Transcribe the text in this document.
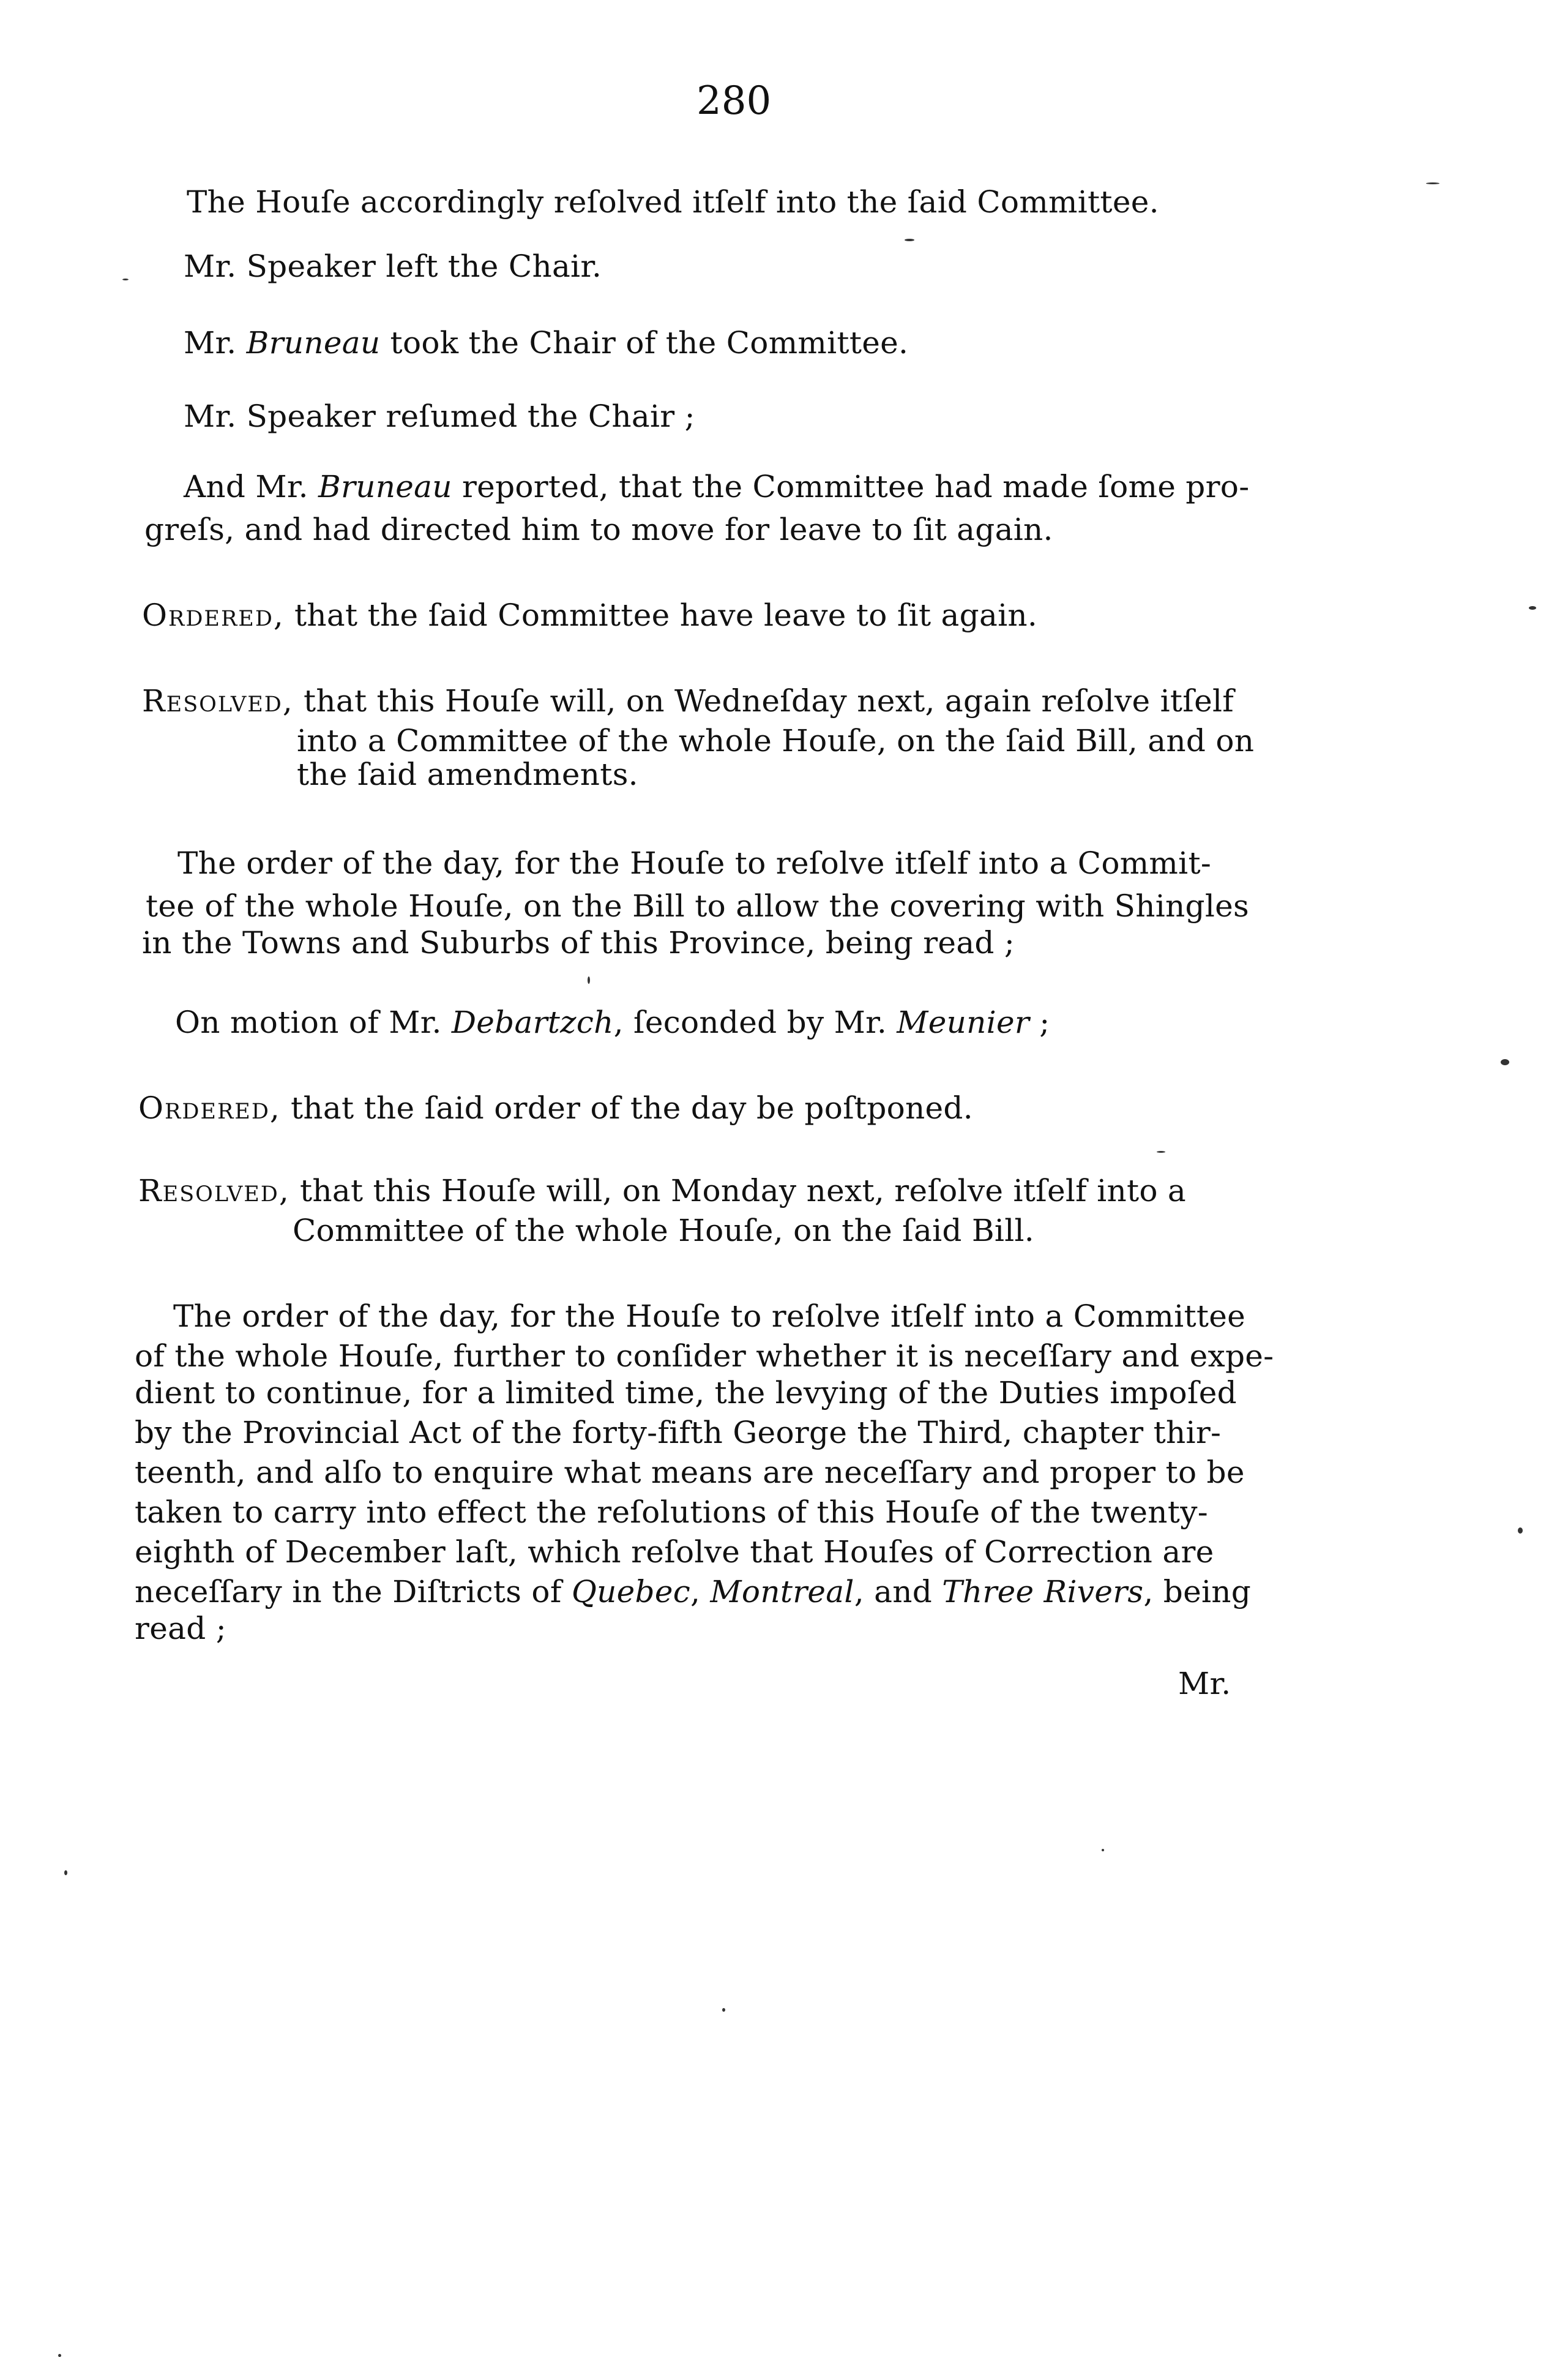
280
The Houſe accordingly reſolved itſelf into the ſaid Committee.
Mr. Speaker left the Chair.
Mr. Bruneau took the Chair of the Committee.
Mr. Speaker reſumed the Chair ;
And Mr. Bruneau reported, that the Committee had made ſome pro-
greſs, and had directed him to move for leave to ſit again.
Ordered, that the ſaid Committee have leave to ſit again.
Resolved, that this Houſe will, on Wedneſday next, again reſolve itſelf
into a Committee of the whole Houſe, on the ſaid Bill, and on
the ſaid amendments.
The order of the day, for the Houſe to reſolve itſelf into a Commit-
tee of the whole Houſe, on the Bill to allow the covering with Shingles
in the Towns and Suburbs of this Province, being read ;
On motion of Mr. Debartzch, ſeconded by Mr. Meunier ;
Ordered, that the ſaid order of the day be poſtponed.
Resolved, that this Houſe will, on Monday next, reſolve itſelf into a
Committee of the whole Houſe, on the ſaid Bill.
The order of the day, for the Houſe to reſolve itſelf into a Committee
of the whole Houſe, further to conſider whether it is neceſſary and expe-
dient to continue, for a limited time, the levying of the Duties impoſed
by the Provincial Act of the forty-fifth George the Third, chapter thir-
teenth, and alſo to enquire what means are neceſſary and proper to be
taken to carry into effect the reſolutions of this Houſe of the twenty-
eighth of December laſt, which reſolve that Houſes of Correction are
neceſſary in the Diſtricts of Quebec, Montreal, and Three Rivers, being
read ;
Mr.
